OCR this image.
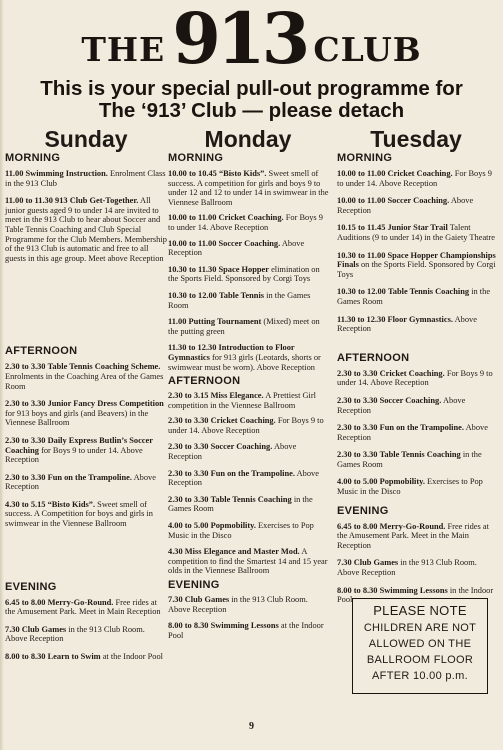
THE 913 CLUB
This is your special pull-out programme for
The ‘913’ Club — please detach
Sunday	Monday	Tuesday
MORNING

11.00 Swimming Instruction. Enrolment Class in the 913 Club

11.00 to 11.30 913 Club Get-Together. All junior guests aged 9 to under 14 are invited to meet in the 913 Club to hear about Soccer and Table Tennis Coaching and Club Special Programme for the Club Members. Membership of the 913 Club is automatic and free to all guests in this age group. Meet above Reception

AFTERNOON

2.30 to 3.30 Table Tennis Coaching Scheme. Enrolments in the Coaching Area of the Games Room

2.30 to 3.30 Junior Fancy Dress Competition for 913 boys and girls (and Beavers) in the Viennese Ballroom

2.30 to 3.30 Daily Express Butlin’s Soccer Coaching for Boys 9 to under 14. Above Reception

2.30 to 3.30 Fun on the Trampoline. Above Reception

4.30 to 5.15 “Bisto Kids”. Sweet smell of success. A Competition for boys and girls in swimwear in the Viennese Ballroom

EVENING

6.45 to 8.00 Merry-Go-Round. Free rides at the Amusement Park. Meet in Main Reception

7.30 Club Games in the 913 Club Room. Above Reception

8.00 to 8.30 Learn to Swim at the Indoor Pool

MORNING

10.00 to 10.45 “Bisto Kids”. Sweet smell of success. A competition for girls and boys 9 to under 12 and 12 to under 14 in swimwear in the Viennese Ballroom

10.00 to 11.00 Cricket Coaching. For Boys 9 to under 14. Above Reception

10.00 to 11.00 Soccer Coaching. Above Reception

10.30 to 11.30 Space Hopper elimination on the Sports Field. Sponsored by Corgi Toys

10.30 to 12.00 Table Tennis in the Games Room

11.00 Putting Tournament (Mixed) meet on the putting green

11.30 to 12.30 Introduction to Floor Gymnastics for 913 girls (Leotards, shorts or swimwear must be worn). Above Reception

AFTERNOON

2.30 to 3.15 Miss Elegance. A Prettiest Girl competition in the Viennese Ballroom

2.30 to 3.30 Cricket Coaching. For Boys 9 to under 14. Above Reception

2.30 to 3.30 Soccer Coaching. Above Reception

2.30 to 3.30 Fun on the Trampoline. Above Reception

2.30 to 3.30 Table Tennis Coaching in the Games Room

4.00 to 5.00 Popmobility. Exercises to Pop Music in the Disco

4.30 Miss Elegance and Master Mod. A competition to find the Smartest 14 and 15 year olds in the Viennese Ballroom

EVENING

7.30 Club Games in the 913 Club Room. Above Reception

8.00 to 8.30 Swimming Lessons at the Indoor Pool

MORNING

10.00 to 11.00 Cricket Coaching. For Boys 9 to under 14. Above Reception

10.00 to 11.00 Soccer Coaching. Above Reception

10.15 to 11.45 Junior Star Trail Talent Auditions (9 to under 14) in the Gaiety Theatre

10.30 to 11.00 Space Hopper Championships Finals on the Sports Field. Sponsored by Corgi Toys

10.30 to 12.00 Table Tennis Coaching in the Games Room

11.30 to 12.30 Floor Gymnastics. Above Reception

AFTERNOON

2.30 to 3.30 Cricket Coaching. For Boys 9 to under 14. Above Reception

2.30 to 3.30 Soccer Coaching. Above Reception

2.30 to 3.30 Fun on the Trampoline. Above Reception

2.30 to 3.30 Table Tennis Coaching in the Games Room

4.00 to 5.00 Popmobility. Exercises to Pop Music in the Disco

EVENING

6.45 to 8.00 Merry-Go-Round. Free rides at the Amusement Park. Meet in the Main Reception

7.30 Club Games in the 913 Club Room. Above Reception

8.00 to 8.30 Swimming Lessons in the Indoor Pool

PLEASE NOTE
CHILDREN ARE NOT
ALLOWED ON THE
BALLROOM FLOOR
AFTER 10.00 p.m.
9
